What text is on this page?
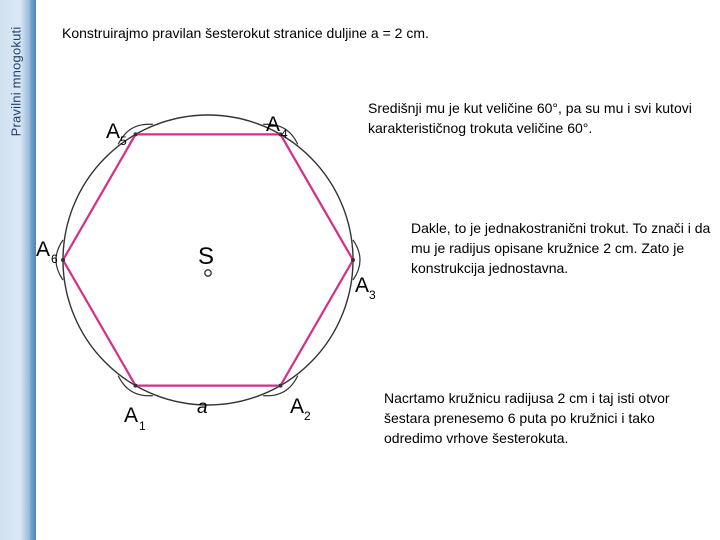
Pravilni mnogokuti	Konstruirajmo pravilan šesterokut stranice duljine a = 2 cm.
Središnji mu je kut veličine 60°, pa su mu i svi kutovi karakterističnog trokuta veličine 60°.
Dakle, to je jednakostranični trokut. To znači i da mu je radijus opisane kružnice 2 cm. Zato je konstrukcija jednostavna.
Nacrtamo kružnicu radijusa 2 cm i taj isti otvor šestara prenesemo 6 puta po kružnici i tako odredimo vrhove šesterokuta.
S
a
A 1
A 2
A 3
A 4
A 5
A 6
